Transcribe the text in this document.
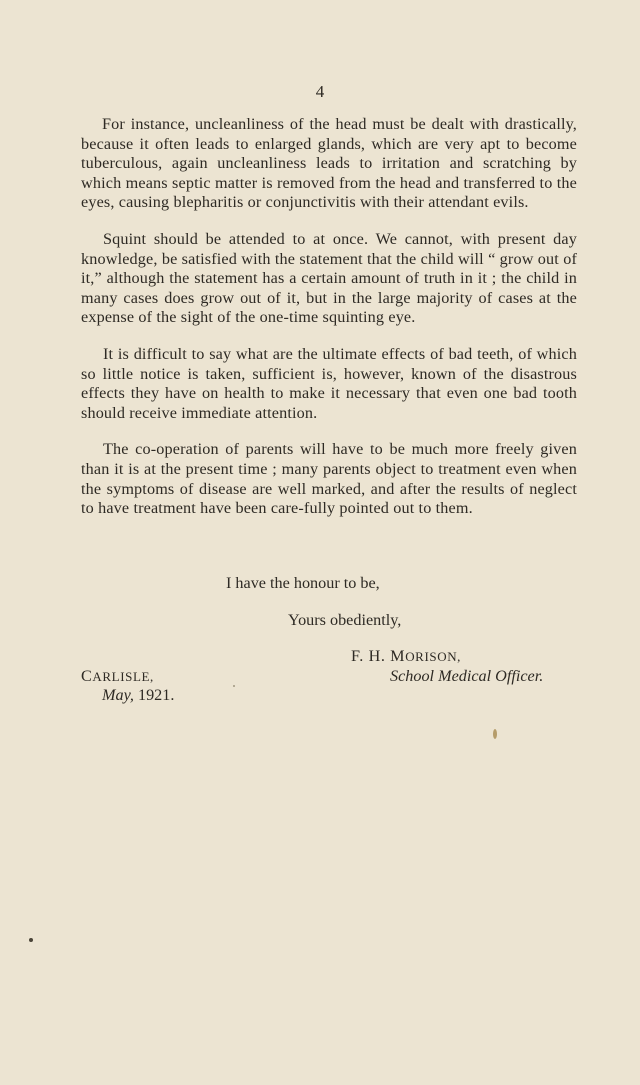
4

For instance, uncleanliness of the head must be dealt with drastically, because it often leads to enlarged glands, which are very apt to become tuberculous, again uncleanliness leads to irritation and scratching by which means septic matter is removed from the head and transferred to the eyes, causing blepharitis or conjunctivitis with their attendant evils.

Squint should be attended to at once. We cannot, with present day knowledge, be satisfied with the statement that the child will “ grow out of it,” although the statement has a certain amount of truth in it ; the child in many cases does grow out of it, but in the large majority of cases at the expense of the sight of the one-time squinting eye.

It is difficult to say what are the ultimate effects of bad teeth, of which so little notice is taken, sufficient is, however, known of the disastrous effects they have on health to make it necessary that even one bad tooth should receive immediate attention.

The co-operation of parents will have to be much more freely given than it is at the present time ; many parents object to treatment even when the symptoms of disease are well marked, and after the results of neglect to have treatment have been care-fully pointed out to them.

I have the honour to be,
Yours obediently,
F. H. MORISON,
School Medical Officer.
CARLISLE,
May, 1921.
